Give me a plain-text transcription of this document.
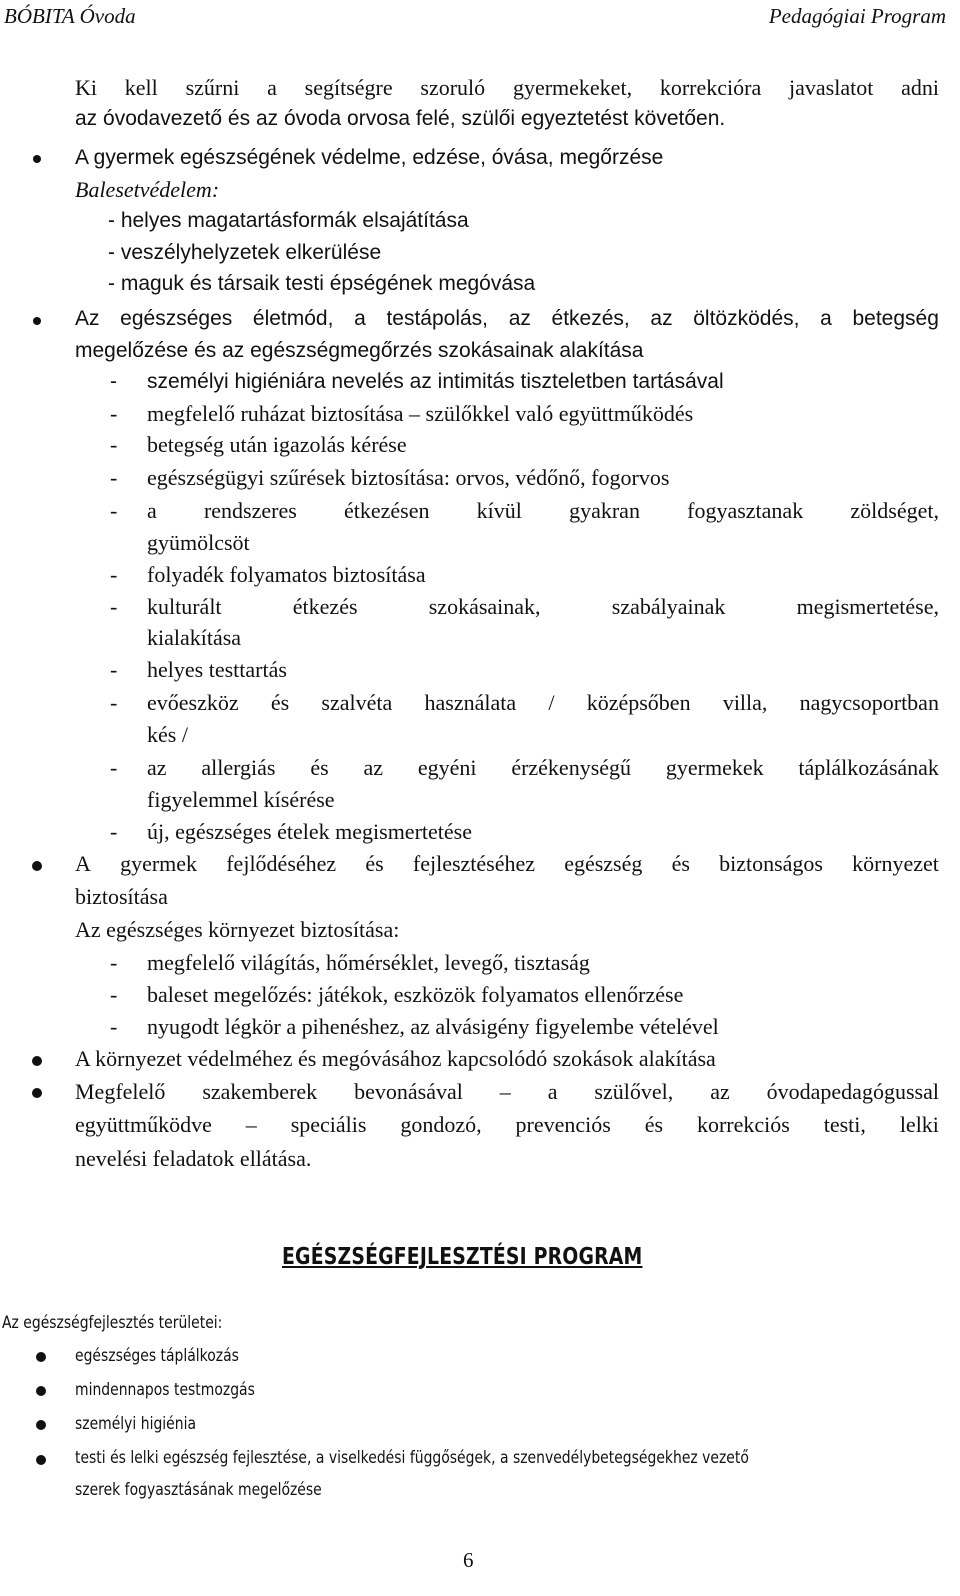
BÓBITA Óvoda	Pedagógiai Program
Ki kell szűrni a segítségre szoruló gyermekeket, korrekcióra javaslatot adni
az óvodavezető és az óvoda orvosa felé, szülői egyeztetést követően.
A gyermek egészségének védelme, edzése, óvása, megőrzése
Balesetvédelem:
- helyes magatartásformák elsajátítása
- veszélyhelyzetek elkerülése
- maguk és társaik testi épségének megóvása
Az egészséges életmód, a testápolás, az étkezés, az öltözködés, a betegség
megelőzése és az egészségmegőrzés szokásainak alakítása
- személyi higiéniára nevelés az intimitás tiszteletben tartásával
- megfelelő ruházat biztosítása – szülőkkel való együttműködés
- betegség után igazolás kérése
- egészségügyi szűrések biztosítása: orvos, védőnő, fogorvos
- a rendszeres étkezésen kívül gyakran fogyasztanak zöldséget,
gyümölcsöt
- folyadék folyamatos biztosítása
- kulturált	étkezés	szokásainak,	szabályainak	megismertetése,
kialakítása
- helyes testtartás
- evőeszköz és szalvéta használata / középsőben villa, nagycsoportban
kés /
- az allergiás és az egyéni érzékenységű gyermekek táplálkozásának
figyelemmel kísérése
- új, egészséges ételek megismertetése
A gyermek fejlődéséhez és fejlesztéséhez egészség és biztonságos környezet
biztosítása
Az egészséges környezet biztosítása:
- megfelelő világítás, hőmérséklet, levegő, tisztaság
- baleset megelőzés: játékok, eszközök folyamatos ellenőrzése
- nyugodt légkör a pihenéshez, az alvásigény figyelembe vételével
A környezet védelméhez és megóvásához kapcsolódó szokások alakítása
Megfelelő szakemberek bevonásával – a szülővel, az óvodapedagógussal
együttműködve – speciális gondozó, prevenciós és korrekciós testi, lelki
nevelési feladatok ellátása.
EGÉSZSÉGFEJLESZTÉSI PROGRAM
Az egészségfejlesztés területei:
egészséges táplálkozás
mindennapos testmozgás
személyi higiénia
testi és lelki egészség fejlesztése, a viselkedési függőségek, a szenvedélybetegségekhez vezető
szerek fogyasztásának megelőzése
6
